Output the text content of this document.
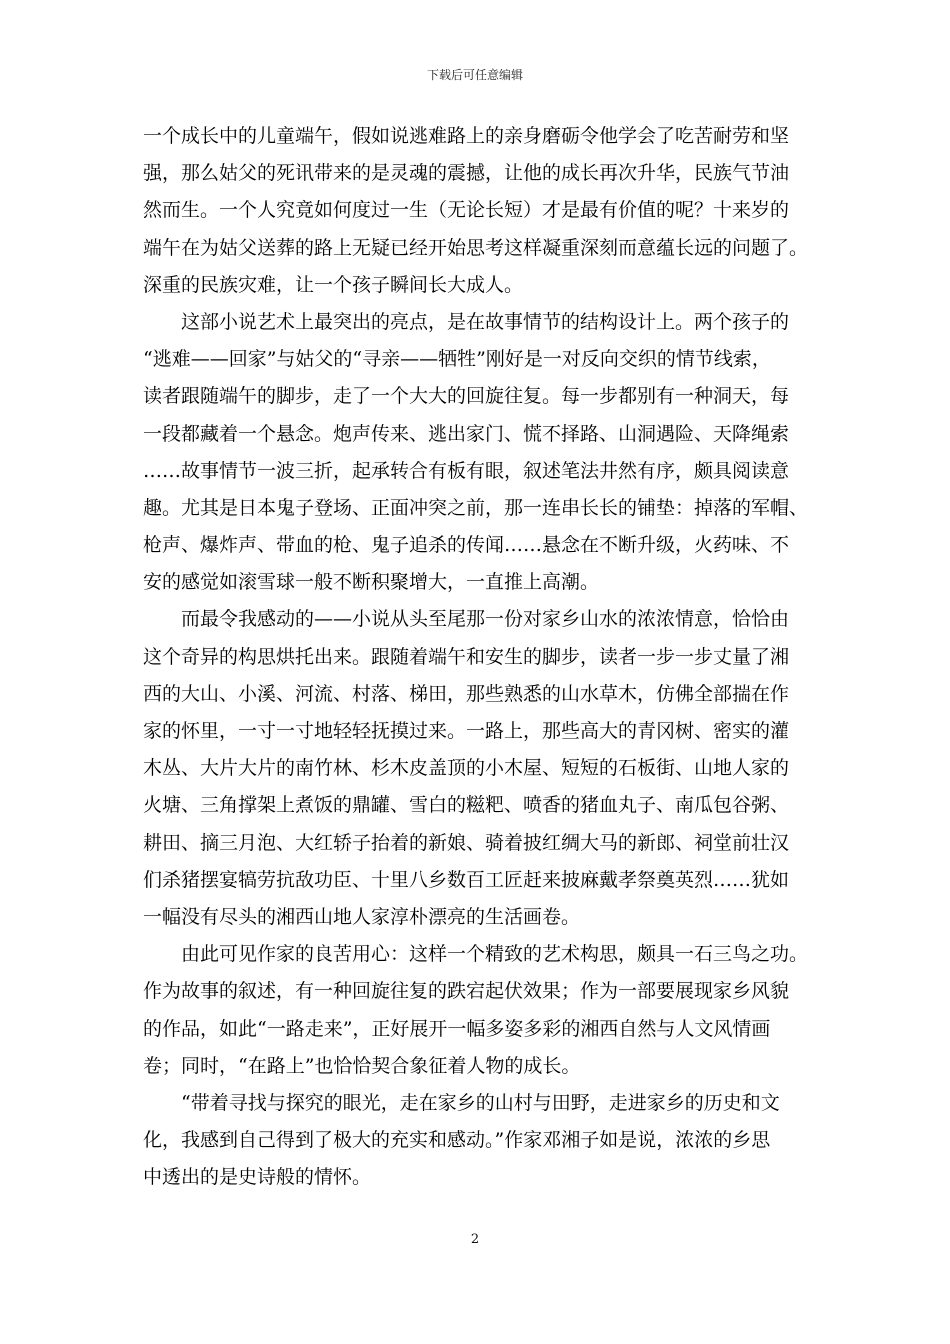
下载后可任意编辑
一个成长中的儿童端午，假如说逃难路上的亲身磨砺令他学会了吃苦耐劳和坚
强，那么姑父的死讯带来的是灵魂的震撼，让他的成长再次升华，民族气节油
然而生。一个人究竟如何度过一生（无论长短）才是最有价值的呢？十来岁的
端午在为姑父送葬的路上无疑已经开始思考这样凝重深刻而意蕴长远的问题了。
深重的民族灾难，让一个孩子瞬间长大成人。
这部小说艺术上最突出的亮点，是在故事情节的结构设计上。两个孩子的
“逃难——回家”与姑父的“寻亲——牺牲”刚好是一对反向交织的情节线索，
读者跟随端午的脚步，走了一个大大的回旋往复。每一步都别有一种洞天，每
一段都藏着一个悬念。炮声传来、逃出家门、慌不择路、山洞遇险、天降绳索
……故事情节一波三折，起承转合有板有眼，叙述笔法井然有序，颇具阅读意
趣。尤其是日本鬼子登场、正面冲突之前，那一连串长长的铺垫：掉落的军帽、
枪声、爆炸声、带血的枪、鬼子追杀的传闻……悬念在不断升级，火药味、不
安的感觉如滚雪球一般不断积聚增大，一直推上高潮。
而最令我感动的——小说从头至尾那一份对家乡山水的浓浓情意，恰恰由
这个奇异的构思烘托出来。跟随着端午和安生的脚步，读者一步一步丈量了湘
西的大山、小溪、河流、村落、梯田，那些熟悉的山水草木，仿佛全部揣在作
家的怀里，一寸一寸地轻轻抚摸过来。一路上，那些高大的青冈树、密实的灌
木丛、大片大片的南竹林、杉木皮盖顶的小木屋、短短的石板街、山地人家的
火塘、三角撑架上煮饭的鼎罐、雪白的糍粑、喷香的猪血丸子、南瓜包谷粥、
耕田、摘三月泡、大红轿子抬着的新娘、骑着披红绸大马的新郎、祠堂前壮汉
们杀猪摆宴犒劳抗敌功臣、十里八乡数百工匠赶来披麻戴孝祭奠英烈……犹如
一幅没有尽头的湘西山地人家淳朴漂亮的生活画卷。
由此可见作家的良苦用心：这样一个精致的艺术构思，颇具一石三鸟之功。
作为故事的叙述，有一种回旋往复的跌宕起伏效果；作为一部要展现家乡风貌
的作品，如此“一路走来”，正好展开一幅多姿多彩的湘西自然与人文风情画
卷；同时，“在路上”也恰恰契合象征着人物的成长。
“带着寻找与探究的眼光，走在家乡的山村与田野，走进家乡的历史和文
化，我感到自己得到了极大的充实和感动。”作家邓湘子如是说，浓浓的乡思
中透出的是史诗般的情怀。
2
